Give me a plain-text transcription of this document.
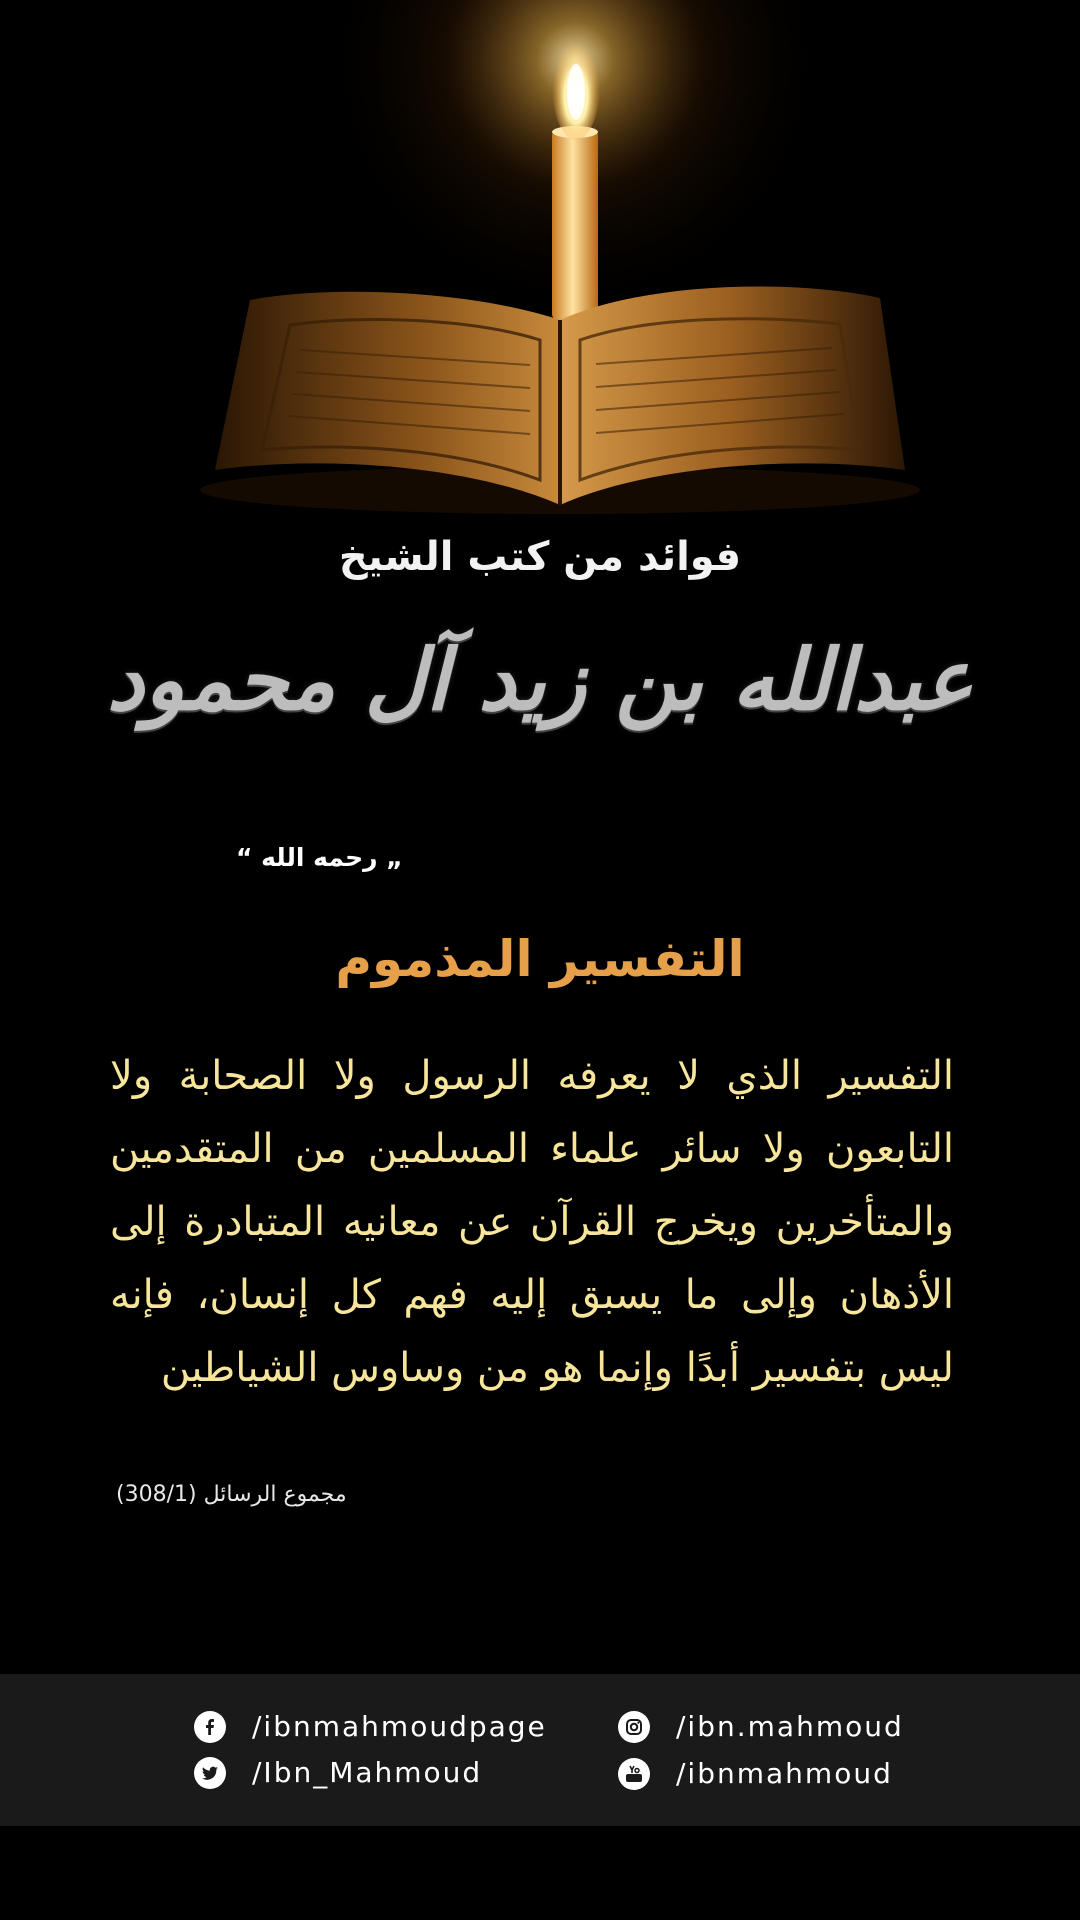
فوائد من كتب الشيخ
عبدالله بن زيد آل محمود
„ رحمه الله “
التفسير المذموم
التفسير الذي لا يعرفه الرسول ولا الصحابة ولا التابعون ولا سائر علماء المسلمين من المتقدمين والمتأخرين ويخرج القرآن عن معانيه المتبادرة إلى الأذهان وإلى ما يسبق إليه فهم كل إنسان، فإنه ليس بتفسير أبدًا وإنما هو من وساوس الشياطين
مجموع الرسائل (308/1)
/ibnmahmoudpage
/Ibn_Mahmoud
/ibn.mahmoud
/ibnmahmoud
